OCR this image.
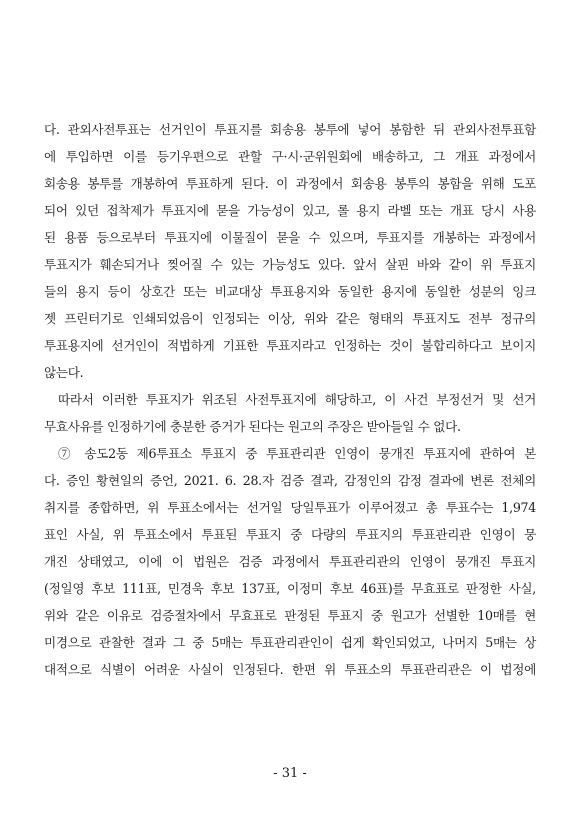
다. 관외사전투표는 선거인이 투표지를 회송용 봉투에 넣어 봉함한 뒤 관외사전투표함
에 투입하면 이를 등기우편으로 관할 구·시·군위원회에 배송하고, 그 개표 과정에서
회송용 봉투를 개봉하여 투표하게 된다. 이 과정에서 회송용 봉투의 봉함을 위해 도포
되어 있던 접착제가 투표지에 묻을 가능성이 있고, 롤 용지 라벨 또는 개표 당시 사용
된 용품 등으로부터 투표지에 이물질이 묻을 수 있으며, 투표지를 개봉하는 과정에서
투표지가 훼손되거나 찢어질 수 있는 가능성도 있다. 앞서 살핀 바와 같이 위 투표지
들의 용지 등이 상호간 또는 비교대상 투표용지와 동일한 용지에 동일한 성분의 잉크
젯 프린터기로 인쇄되었음이 인정되는 이상, 위와 같은 형태의 투표지도 전부 정규의
투표용지에 선거인이 적법하게 기표한 투표지라고 인정하는 것이 불합리하다고 보이지
않는다.
따라서 이러한 투표지가 위조된 사전투표지에 해당하고, 이 사건 부정선거 및 선거
무효사유를 인정하기에 충분한 증거가 된다는 원고의 주장은 받아들일 수 없다.
⑦ 송도2동 제6투표소 투표지 중 투표관리관 인영이 뭉개진 투표지에 관하여 본
다. 증인 황현일의 증언, 2021. 6. 28.자 검증 결과, 감정인의 감정 결과에 변론 전체의
취지를 종합하면, 위 투표소에서는 선거일 당일투표가 이루어졌고 총 투표수는 1,974
표인 사실, 위 투표소에서 투표된 투표지 중 다량의 투표지의 투표관리관 인영이 뭉
개진 상태였고, 이에 이 법원은 검증 과정에서 투표관리관의 인영이 뭉개진 투표지
(정일영 후보 111표, 민경욱 후보 137표, 이정미 후보 46표)를 무효표로 판정한 사실,
위와 같은 이유로 검증절차에서 무효표로 판정된 투표지 중 원고가 선별한 10매를 현
미경으로 관찰한 결과 그 중 5매는 투표관리관인이 쉽게 확인되었고, 나머지 5매는 상
대적으로 식별이 어려운 사실이 인정된다. 한편 위 투표소의 투표관리관은 이 법정에
- 31 -
